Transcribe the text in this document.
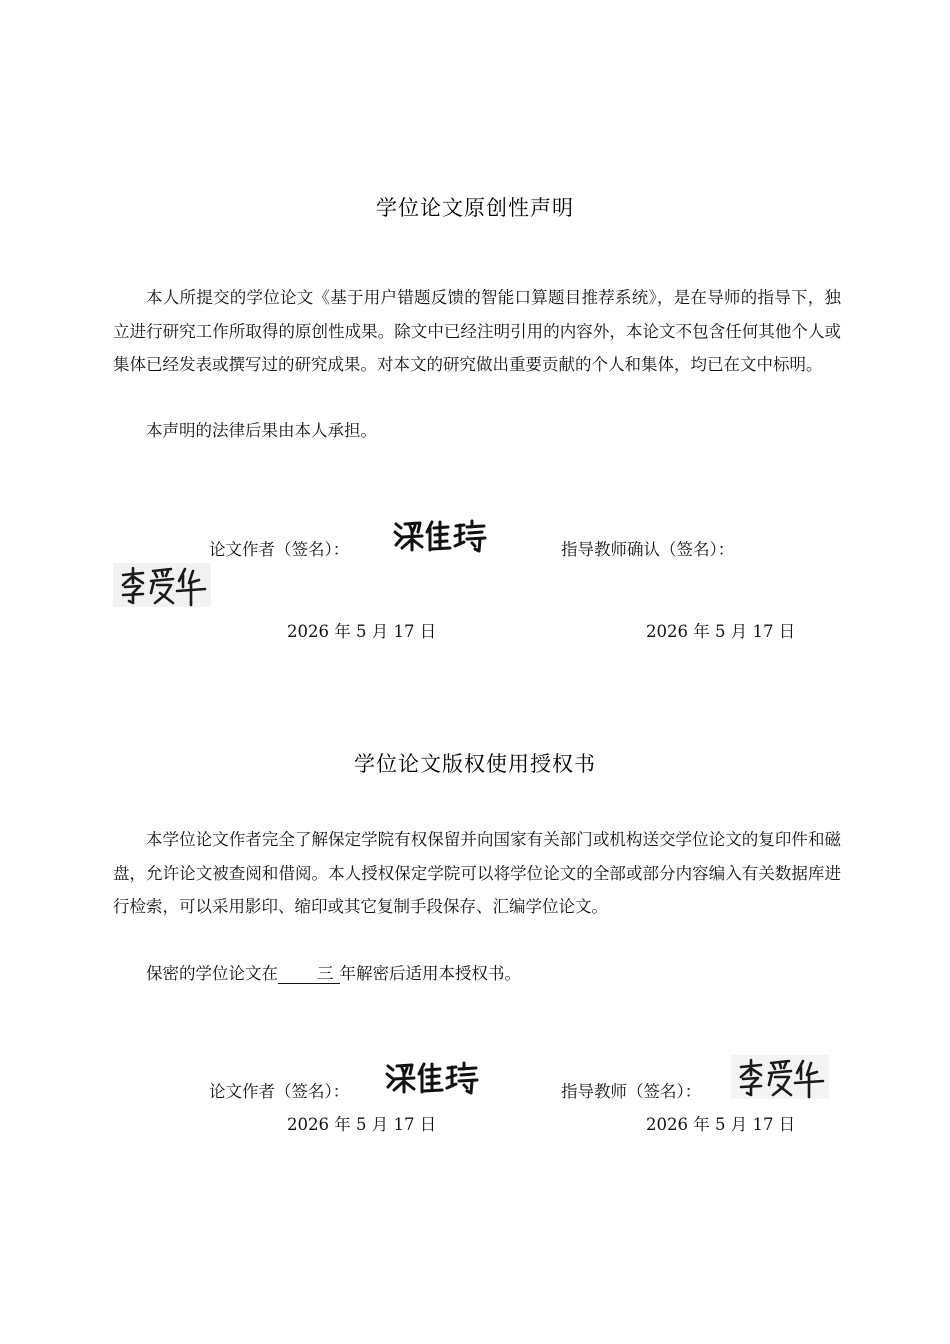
学位论文原创性声明
本人所提交的学位论文《基于用户错题反馈的智能口算题目推荐系统》，是在导师的指导下，独立进行研究工作所取得的原创性成果。除文中已经注明引用的内容外，本论文不包含任何其他个人或集体已经发表或撰写过的研究成果。对本文的研究做出重要贡献的个人和集体，均已在文中标明。
本声明的法律后果由本人承担。
论文作者（签名）：	指导教师确认（签名）：
2026 年 5 月 17 日	2026 年 5 月 17 日
学位论文版权使用授权书
本学位论文作者完全了解保定学院有权保留并向国家有关部门或机构送交学位论文的复印件和磁盘，允许论文被查阅和借阅。本人授权保定学院可以将学位论文的全部或部分内容编入有关数据库进行检索，可以采用影印、缩印或其它复制手段保存、汇编学位论文。
保密的学位论文在 三 年解密后适用本授权书。
论文作者（签名）：	指导教师（签名）：
2026 年 5 月 17 日	2026 年 5 月 17 日
